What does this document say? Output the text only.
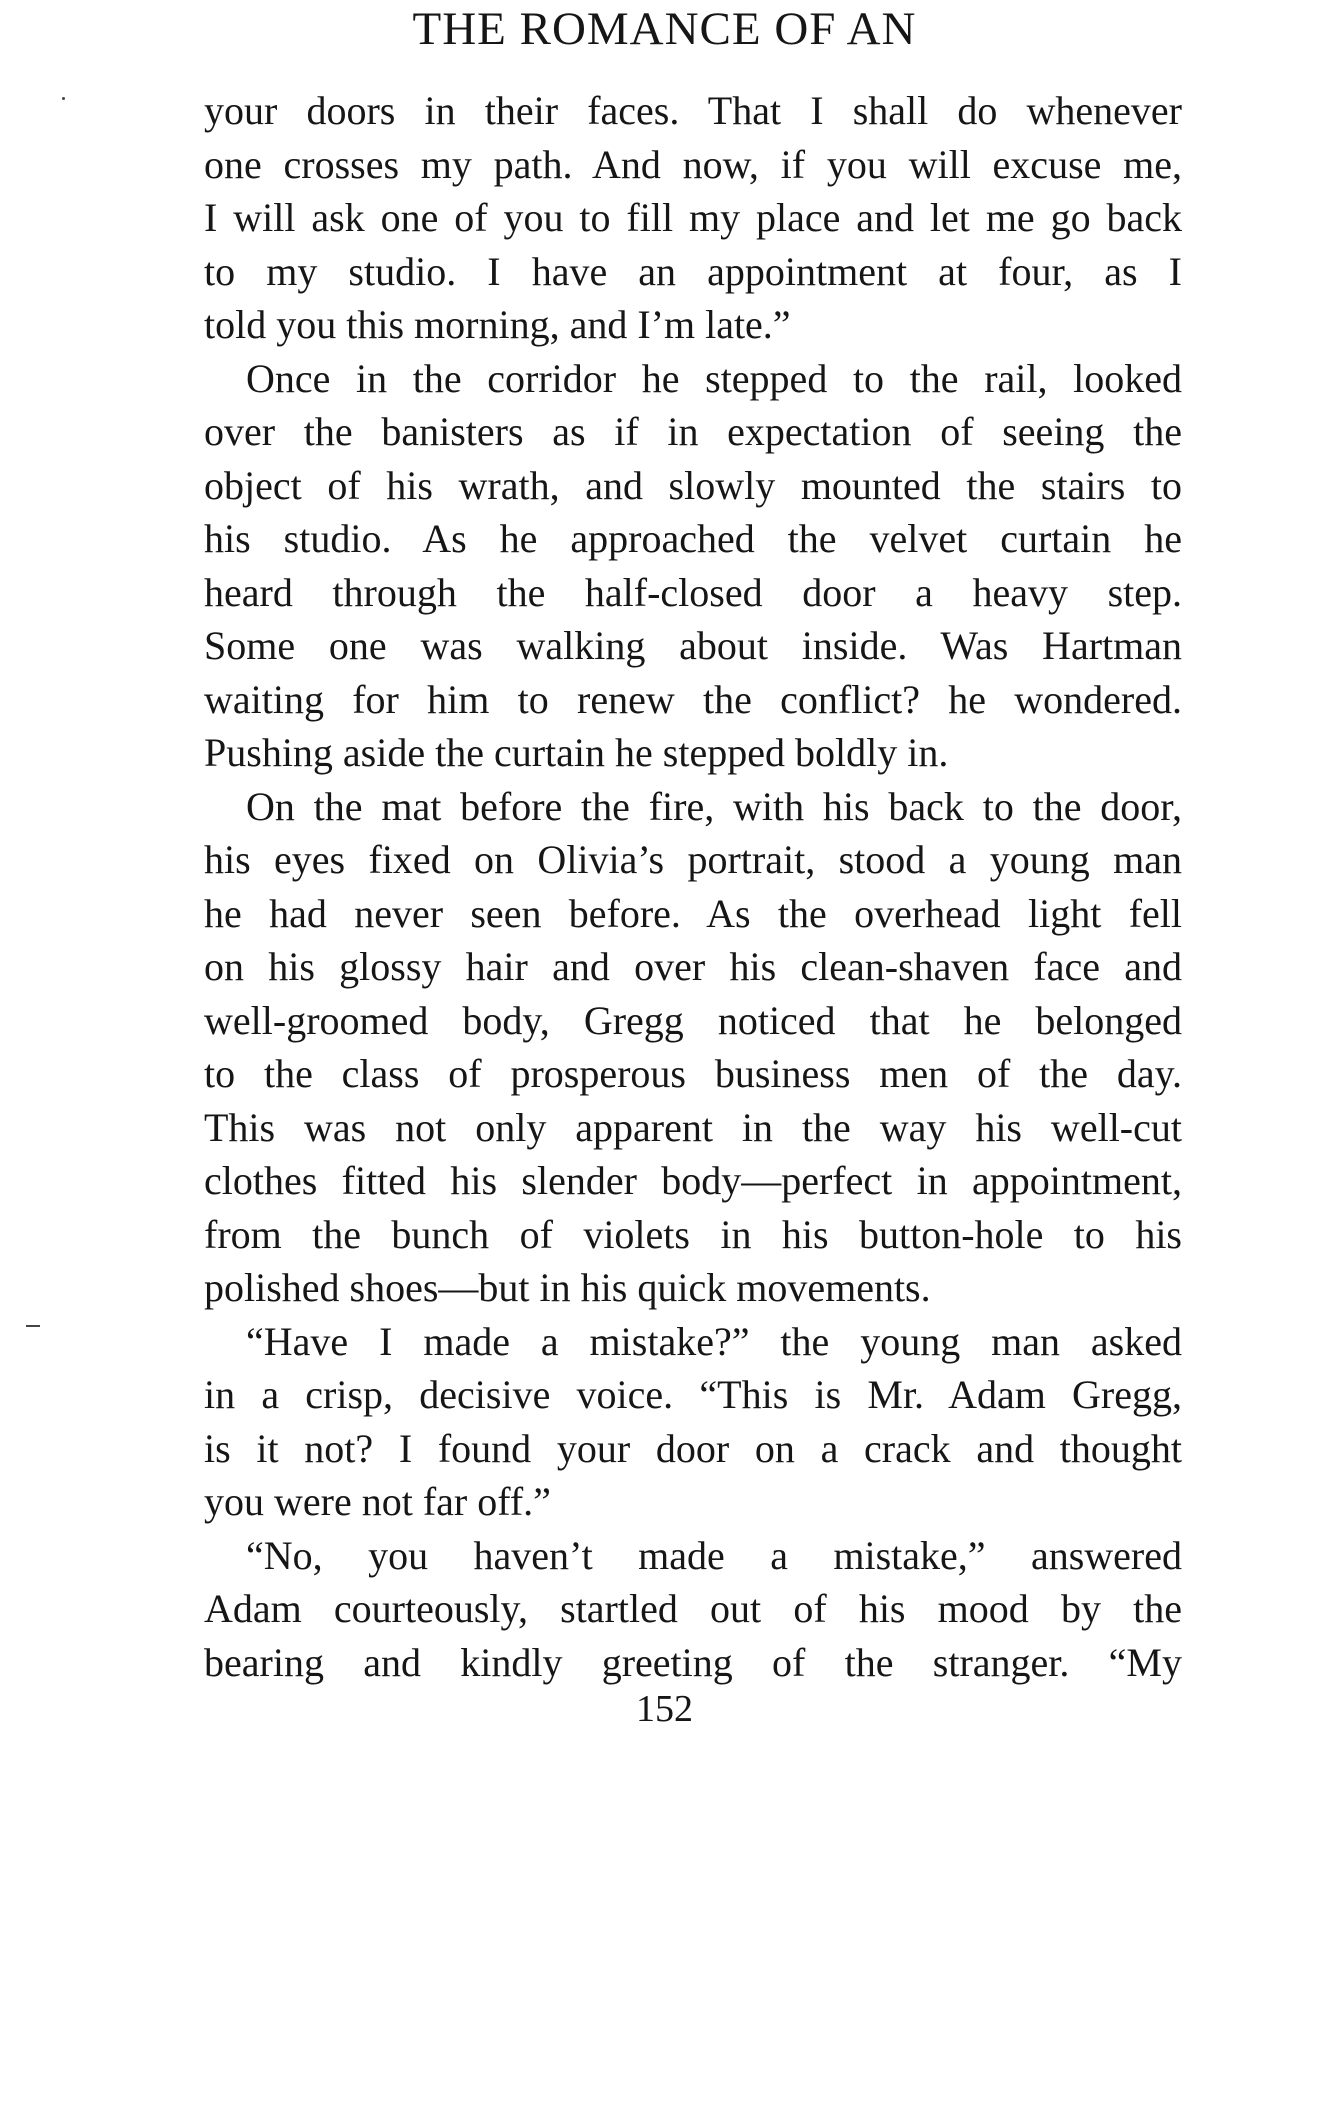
THE ROMANCE OF AN
your doors in their faces. That I shall do whenever
one crosses my path. And now, if you will excuse me,
I will ask one of you to fill my place and let me go back
to my studio. I have an appointment at four, as I
told you this morning, and I’m late.”
Once in the corridor he stepped to the rail, looked
over the banisters as if in expectation of seeing the
object of his wrath, and slowly mounted the stairs to
his studio. As he approached the velvet curtain he
heard through the half-closed door a heavy step.
Some one was walking about inside. Was Hartman
waiting for him to renew the conflict? he wondered.
Pushing aside the curtain he stepped boldly in.
On the mat before the fire, with his back to the door,
his eyes fixed on Olivia’s portrait, stood a young man
he had never seen before. As the overhead light fell
on his glossy hair and over his clean-shaven face and
well-groomed body, Gregg noticed that he belonged
to the class of prosperous business men of the day.
This was not only apparent in the way his well-cut
clothes fitted his slender body—perfect in appointment,
from the bunch of violets in his button-hole to his
polished shoes—but in his quick movements.
“Have I made a mistake?” the young man asked
in a crisp, decisive voice. “This is Mr. Adam Gregg,
is it not? I found your door on a crack and thought
you were not far off.”
“No, you haven’t made a mistake,” answered
Adam courteously, startled out of his mood by the
bearing and kindly greeting of the stranger. “My
152
